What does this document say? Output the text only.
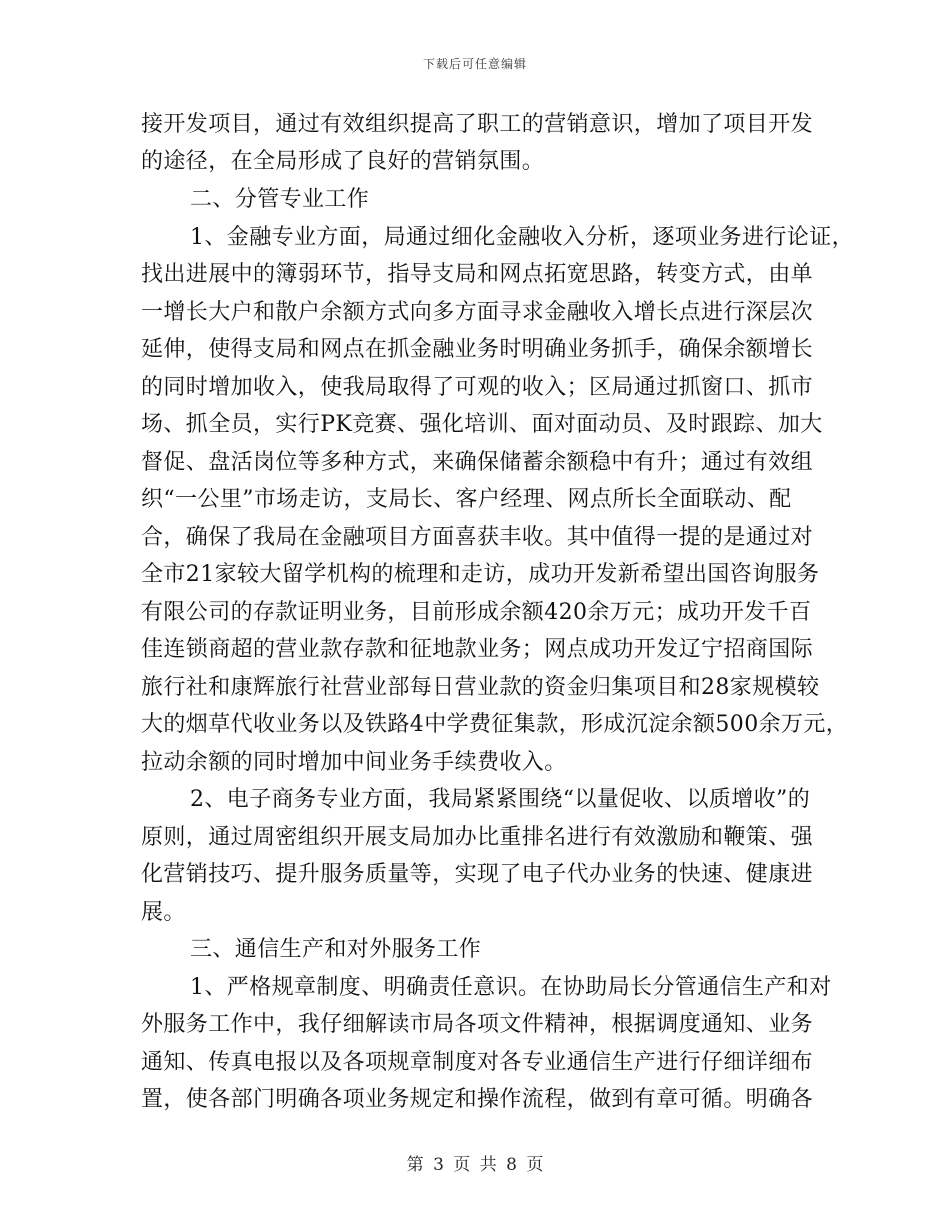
下载后可任意编辑
接开发项目，通过有效组织提高了职工的营销意识，增加了项目开发
的途径，在全局形成了良好的营销氛围。
二、分管专业工作
1、金融专业方面，局通过细化金融收入分析，逐项业务进行论证，
找出进展中的簿弱环节，指导支局和网点拓宽思路，转变方式，由单
一增长大户和散户余额方式向多方面寻求金融收入增长点进行深层次
延伸，使得支局和网点在抓金融业务时明确业务抓手，确保余额增长
的同时增加收入，使我局取得了可观的收入；区局通过抓窗口、抓市
场、抓全员，实行PK竞赛、强化培训、面对面动员、及时跟踪、加大
督促、盘活岗位等多种方式，来确保储蓄余额稳中有升；通过有效组
织“一公里”市场走访，支局长、客户经理、网点所长全面联动、配
合，确保了我局在金融项目方面喜获丰收。其中值得一提的是通过对
全市21家较大留学机构的梳理和走访，成功开发新希望出国咨询服务
有限公司的存款证明业务，目前形成余额420余万元；成功开发千百
佳连锁商超的营业款存款和征地款业务；网点成功开发辽宁招商国际
旅行社和康辉旅行社营业部每日营业款的资金归集项目和28家规模较
大的烟草代收业务以及铁路4中学费征集款，形成沉淀余额500余万元，
拉动余额的同时增加中间业务手续费收入。
2、电子商务专业方面，我局紧紧围绕“以量促收、以质增收”的
原则，通过周密组织开展支局加办比重排名进行有效激励和鞭策、强
化营销技巧、提升服务质量等，实现了电子代办业务的快速、健康进
展。
三、通信生产和对外服务工作
1、严格规章制度、明确责任意识。在协助局长分管通信生产和对
外服务工作中，我仔细解读市局各项文件精神，根据调度通知、业务
通知、传真电报以及各项规章制度对各专业通信生产进行仔细详细布
置，使各部门明确各项业务规定和操作流程，做到有章可循。明确各
第 3 页 共 8 页
